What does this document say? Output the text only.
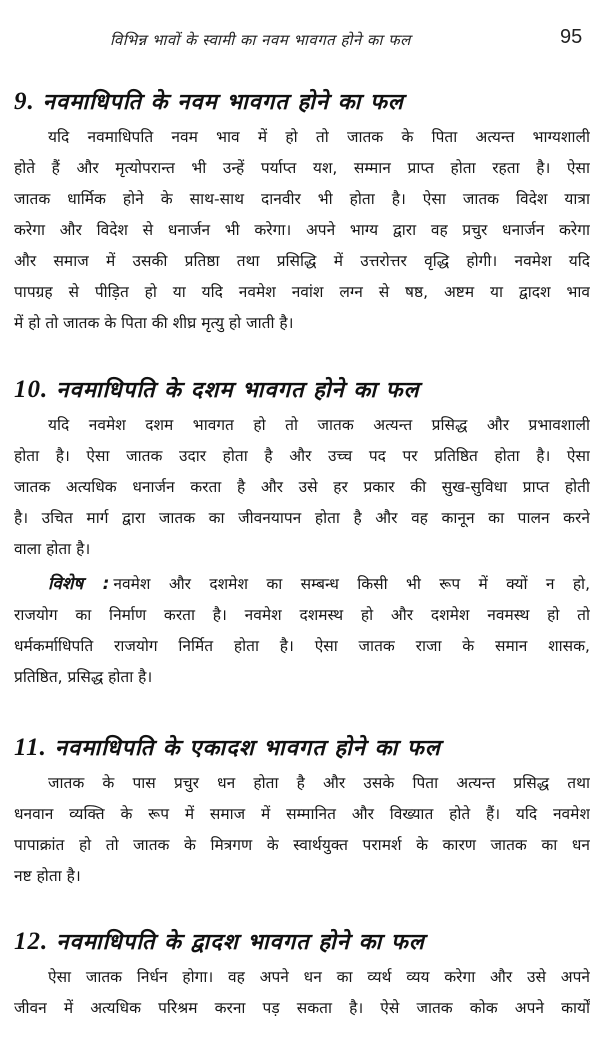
विभिन्न भावों के स्वामी का नवम भावगत होने का फल	95
9. नवमाधिपति के नवम भावगत होने का फल

यदि नवमाधिपति नवम भाव में हो तो जातक के पिता अत्यन्त भाग्यशाली

होते हैं और मृत्योपरान्त भी उन्हें पर्याप्त यश, सम्मान प्राप्त होता रहता है। ऐसा

जातक धार्मिक होने के साथ-साथ दानवीर भी होता है। ऐसा जातक विदेश यात्रा

करेगा और विदेश से धनार्जन भी करेगा। अपने भाग्य द्वारा वह प्रचुर धनार्जन करेगा

और समाज में उसकी प्रतिष्ठा तथा प्रसिद्धि में उत्तरोत्तर वृद्धि होगी। नवमेश यदि

पापग्रह से पीड़ित हो या यदि नवमेश नवांश लग्न से षष्ठ, अष्टम या द्वादश भाव

में हो तो जातक के पिता की शीघ्र मृत्यु हो जाती है।

10. नवमाधिपति के दशम भावगत होने का फल

यदि नवमेश दशम भावगत हो तो जातक अत्यन्त प्रसिद्ध और प्रभावशाली

होता है। ऐसा जातक उदार होता है और उच्च पद पर प्रतिष्ठित होता है। ऐसा

जातक अत्यधिक धनार्जन करता है और उसे हर प्रकार की सुख-सुविधा प्राप्त होती

है। उचित मार्ग द्वारा जातक का जीवनयापन होता है और वह कानून का पालन करने

वाला होता है।

विशेष : नवमेश और दशमेश का सम्बन्ध किसी भी रूप में क्यों न हो,

राजयोग का निर्माण करता है। नवमेश दशमस्थ हो और दशमेश नवमस्थ हो तो

धर्मकर्माधिपति राजयोग निर्मित होता है। ऐसा जातक राजा के समान शासक,

प्रतिष्ठित, प्रसिद्ध होता है।

11. नवमाधिपति के एकादश भावगत होने का फल

जातक के पास प्रचुर धन होता है और उसके पिता अत्यन्त प्रसिद्ध तथा

धनवान व्यक्ति के रूप में समाज में सम्मानित और विख्यात होते हैं। यदि नवमेश

पापाक्रांत हो तो जातक के मित्रगण के स्वार्थयुक्त परामर्श के कारण जातक का धन

नष्ट होता है।

12. नवमाधिपति के द्वादश भावगत होने का फल

ऐसा जातक निर्धन होगा। वह अपने धन का व्यर्थ व्यय करेगा और उसे अपने

जीवन में अत्यधिक परिश्रम करना पड़ सकता है। ऐसे जातक कोक अपने कार्यों
